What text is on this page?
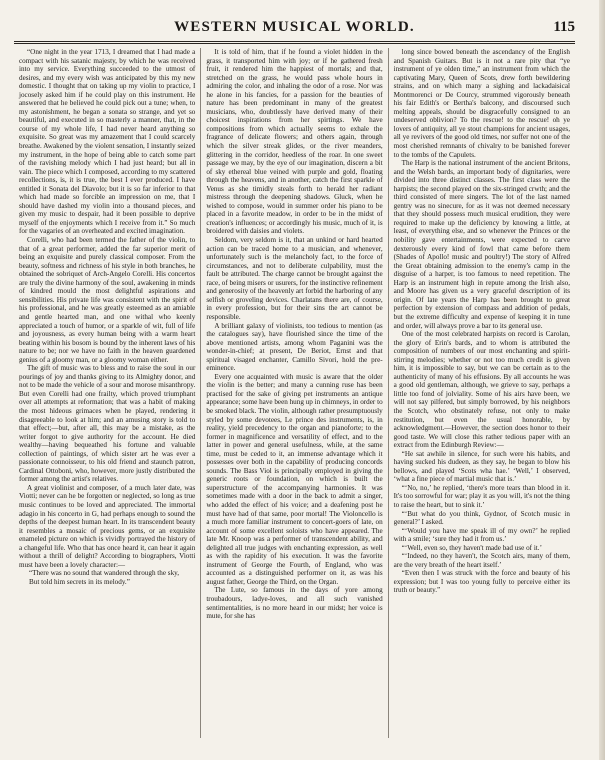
WESTERN MUSICAL WORLD.	115

“One night in the year 1713, I dreamed that I had made a compact with his satanic majesty, by which he was received into my service. Everything succeeded to the utmost of desires, and my every wish was anticipated by this my new domestic. I thought that on taking up my violin to practice, I jocosely asked him if he could play on this instrument. He answered that he believed he could pick out a tune; when, to my astonishment, he began a sonata so strange, and yet so beautiful, and executed in so masterly a manner, that, in the course of my whole life, I had never heard anything so exquisite. So great was my amazement that I could scarcely breathe. Awakened by the violent sensation, I instantly seized my instrument, in the hope of being able to catch some part of the ravishing melody which I had just heard; but all in vain. The piece which I composed, according to my scattered recollections, is, it is true, the best I ever produced. I have entitled it Sonata del Diavolo; but it is so far inferior to that which had made so forcible an impression on me, that I should have dashed my violin into a thousand pieces, and given my music to despair, had it been possible to deprive myself of the enjoyments which I receive from it.” So much for the vagaries of an overheated and excited imagination.

Corelli, who had been termed the father of the violin, to that of a great performer, added the far superior merit of being an exquisite and purely classical composer. From the beauty, softness and richness of his style in both branches, he obtained the sobriquet of Arch-Angelo Corelli. His concertos are truly the divine harmony of the soul, awakening in minds of kindred mould the most delightful aspirations and sensibilities. His private life was consistent with the spirit of his professional, and he was greatly esteemed as an amiable and gentle hearted man, and one withal who keenly appreciated a touch of humor, or a sparkle of wit, full of life and joyousness, as every human being with a warm heart beating within his bosom is bound by the inherent laws of his nature to be; nor we have no faith in the heaven guardened genius of a gloomy man, or a gloomy woman either.

The gift of music was to bless and to raise the soul in our pourings of joy and thanks giving to its Almighty donor, and not to be made the vehicle of a sour and morose misanthropy. But even Corelli had one frailty, which proved triumphant over all attempts at reformation; that was a habit of making the most hideous grimaces when he played, rendering it disagreeable to look at him; and an amusing story is told to that effect;—but, after all, this may be a mistake, as the writer forgot to give authority for the account. He died wealthy—having bequeathed his fortune and valuable collection of paintings, of which sister art he was ever a passionate connoisseur, to his old friend and staunch patron, Cardinal Ottoboni, who, however, more justly distributed the former among the artist's relatives.

A great violinist and composer, of a much later date, was Viotti; never can he be forgotten or neglected, so long as true music continues to be loved and appreciated. The immortal adagio in his concerto in G, had perhaps enough to sound the depths of the deepest human heart. In its transcendent beauty it resembles a mosaic of precious gems, or an exquisite enameled picture on which is vividly portrayed the history of a changeful life. Who that has once heard it, can hear it again without a thrill of delight? According to biographers, Viotti must have been a lovely character:—

“There was no sound that wandered through the sky,

But told him secrets in its melody.”

It is told of him, that if he found a violet hidden in the grass, it transported him with joy; or if he gathered fresh fruit, it rendered him the happiest of mortals; and that, stretched on the grass, he would pass whole hours in admiring the color, and inhaling the odor of a rose. Nor was he alone in his fancies, for a passion for the beauties of nature has been predominant in many of the greatest musicians, who, doubtlessly have derived many of their choicest inspirations from her spirtings. We have compositions from which actually seems to exhale the fragrance of delicate flowers; and others again, through which the silver streak glides, or the river meanders, glittering in the corridor, heedless of the roar. In one sweet passage we may, by the eye of our imagination, discern a bit of sky ethereal blue veined with purple and gold, floating through the heavens, and in another, catch the first sparkle of Venus as she timidly steals forth to herald her radiant mistress through the deepening shadows. Gluck, when he wished to compose, would in summer order his piano to be placed in a favorite meadow, in order to be in the midst of creation's influences; or accordingly his music, much of it, is broidered with daisies and violets.

Seldom, very seldom is it, that an unkind or hard hearted action can be traced home to a musician, and whenever, unfortunately such is the melancholy fact, to the force of circumstances, and not to deliberate culpability, must the fault be attributed. The charge cannot be brought against the race, of being misers or usurers, for the instinctive refinement and generosity of the heavenly art forbid the harboring of any selfish or groveling devices. Charlatans there are, of course, in every profession, but for their sins the art cannot be responsible.

A brilliant galaxy of violinists, too tedious to mention (as the catalogues say), have flourished since the time of the above mentioned artists, among whom Paganini was the wonder-in-chief; at present, De Beriot, Ernst and that spiritual visaged enchanter, Camillo Sivori, hold the pre-eminence.

Every one acquainted with music is aware that the older the violin is the better; and many a cunning ruse has been practised for the sake of giving pet instruments an antique appearance; some have been hung up in chimneys, in order to be smoked black. The violin, although rather presumptuously styled by some devotees, Le prince des instruments, is, in reality, yield precedency to the organ and pianoforte; to the former in magnificence and versatility of effect, and to the latter in power and general usefulness, while, at the same time, must be ceded to it, an immense advantage which it possesses over both in the capability of producing concords sounds. The Bass Viol is principally employed in giving the generic roots or foundation, on which is built the superstructure of the accompanying harmonies. It was sometimes made with a door in the back to admit a singer, who added the effect of his voice; and a deafening post he must have had of that same, poor mortal! The Violoncello is a much more familiar instrument to concert-goers of late, on account of some excellent soloists who have appeared. The late Mr. Knoop was a performer of transcendent ability, and delighted all true judges with enchanting expression, as well as with the rapidity of his execution. It was the favorite instrument of George the Fourth, of England, who was accounted as a distinguished performer on it, as was his august father, George the Third, on the Organ.

The Lute, so famous in the days of yore among troubadours, ladye-loves, and all such vanished sentimentalities, is no more heard in our midst; her voice is mute, for she has

long since bowed beneath the ascendancy of the English and Spanish Guitars. But is it not a rare pity that “ye instrument of ye olden time,” an instrument from which the captivating Mary, Queen of Scots, drew forth bewildering strains, and on which many a sighing and lackadaisical Montmorenci or De Courcy, strummed vigorously beneath his fair Edith's or Bertha's balcony, and discoursed such melting appeals, should be disgracefully consigned to an undeserved oblivion? To the rescue! to the rescue! oh ye lovers of antiquity, all ye stout champions for ancient usages, all ye revivers of the good old times, nor suffer not one of the most cherished remnants of chivalry to be banished forever to the tombs of the Capulets.

The Harp is the national instrument of the ancient Britons, and the Welsh bards, an important body of dignitaries, were divided into three distinct classes. The first class were the harpists; the second played on the six-stringed crwth; and the third consisted of mere singers. The lot of the last named gentry was no sinecure, for as it was not deemed necessary that they should possess much musical erudition, they were required to make up the deficiency by knowing a little, at least, of everything else, and so whenever the Princes or the nobility gave entertainments, were expected to carve dexterously every kind of fowl that came before them (Shades of Apollo! music and poultry!) The story of Alfred the Great obtaining admission to the enemy's camp in the disguise of a harper, is too famous to need repetition. The Harp is an instrument high in repute among the Irish also, and Moore has given us a very graceful description of its origin. Of late years the Harp has been brought to great perfection by extension of compass and addition of pedals, but the extreme difficulty and expense of keeping it in tune and order, will always prove a bar to its general use.

One of the most celebrated harpists on record is Carolan, the glory of Erin's bards, and to whom is attributed the composition of numbers of our most enchanting and spirit-stirring melodies; whether or not too much credit is given him, it is impossible to say, but we can be certain as to the authenticity of many of his effusions. By all accounts he was a good old gentleman, although, we grieve to say, perhaps a little too fond of jolviality. Some of his airs have been, we will not say pilfered, but simply borrowed, by his neighbors the Scotch, who obstinately refuse, not only to make restitution, but even the usual honorable, by acknowledgment.—However, the section does honor to their good taste. We will close this rather tedious paper with an extract from the Edinburgh Review:—

“He sat awhile in silence, for such were his habits, and having sucked his dudeen, as they say, he began to blow his bellows, and played ‘Scots wha hae.’ ‘Well,’ I observed, ‘what a fine piece of martial music that is.’

“‘No, no,’ he replied, ‘there's more tears than blood in it. It's too sorrowful for war; play it as you will, it's not the thing to raise the heart, but to sink it.’

“‘But what do you think, Gydnor, of Scotch music in general?’ I asked.

“‘Would you have me speak ill of my own?’ he replied with a smile; ‘sure they had it from us.’

“‘Well, even so, they haven't made bad use of it.’

“‘Indeed, no they haven't, the Scotch airs, many of them, are the very breath of the heart itself.’

“Even then I was struck with the force and beauty of his expression; but I was too young fully to perceive either its truth or beauty.”
